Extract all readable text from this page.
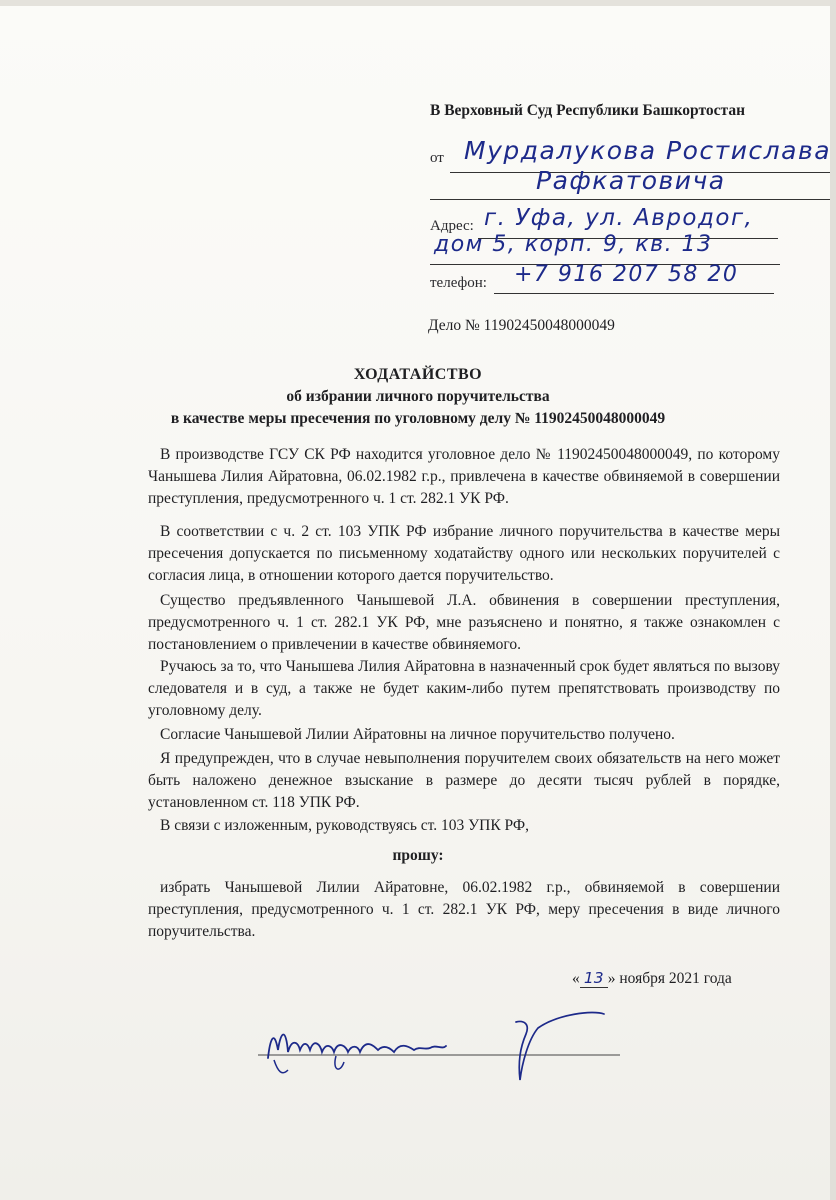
В Верховный Суд Республики Башкортостан
от Мурдалукова Ростислава
Рафкатовича
Адрес: г. Уфа, ул. Авродог,
дом 5, корп. 9, кв. 13
телефон: +7 916 207 58 20
Дело № 11902450048000049
ХОДАТАЙСТВО
об избрании личного поручительства
в качестве меры пресечения по уголовному делу № 11902450048000049

В производстве ГСУ СК РФ находится уголовное дело № 11902450048000049, по которому Чанышева Лилия Айратовна, 06.02.1982 г.р., привлечена в качестве обвиняемой в совершении преступления, предусмотренного ч. 1 ст. 282.1 УК РФ.

В соответствии с ч. 2 ст. 103 УПК РФ избрание личного поручительства в качестве меры пресечения допускается по письменному ходатайству одного или нескольких поручителей с согласия лица, в отношении которого дается поручительство.

Существо предъявленного Чанышевой Л.А. обвинения в совершении преступления, предусмотренного ч. 1 ст. 282.1 УК РФ, мне разъяснено и понятно, я также ознакомлен с постановлением о привлечении в качестве обвиняемого.

Ручаюсь за то, что Чанышева Лилия Айратовна в назначенный срок будет являться по вызову следователя и в суд, а также не будет каким-либо путем препятствовать производству по уголовному делу.

Согласие Чанышевой Лилии Айратовны на личное поручительство получено.

Я предупрежден, что в случае невыполнения поручителем своих обязательств на него может быть наложено денежное взыскание в размере до десяти тысяч рублей в порядке, установленном ст. 118 УПК РФ.

В связи с изложенным, руководствуясь ст. 103 УПК РФ,

прошу:

избрать Чанышевой Лилии Айратовне, 06.02.1982 г.р., обвиняемой в совершении преступления, предусмотренного ч. 1 ст. 282.1 УК РФ, меру пресечения в виде личного поручительства.

« 13 » ноября 2021 года
